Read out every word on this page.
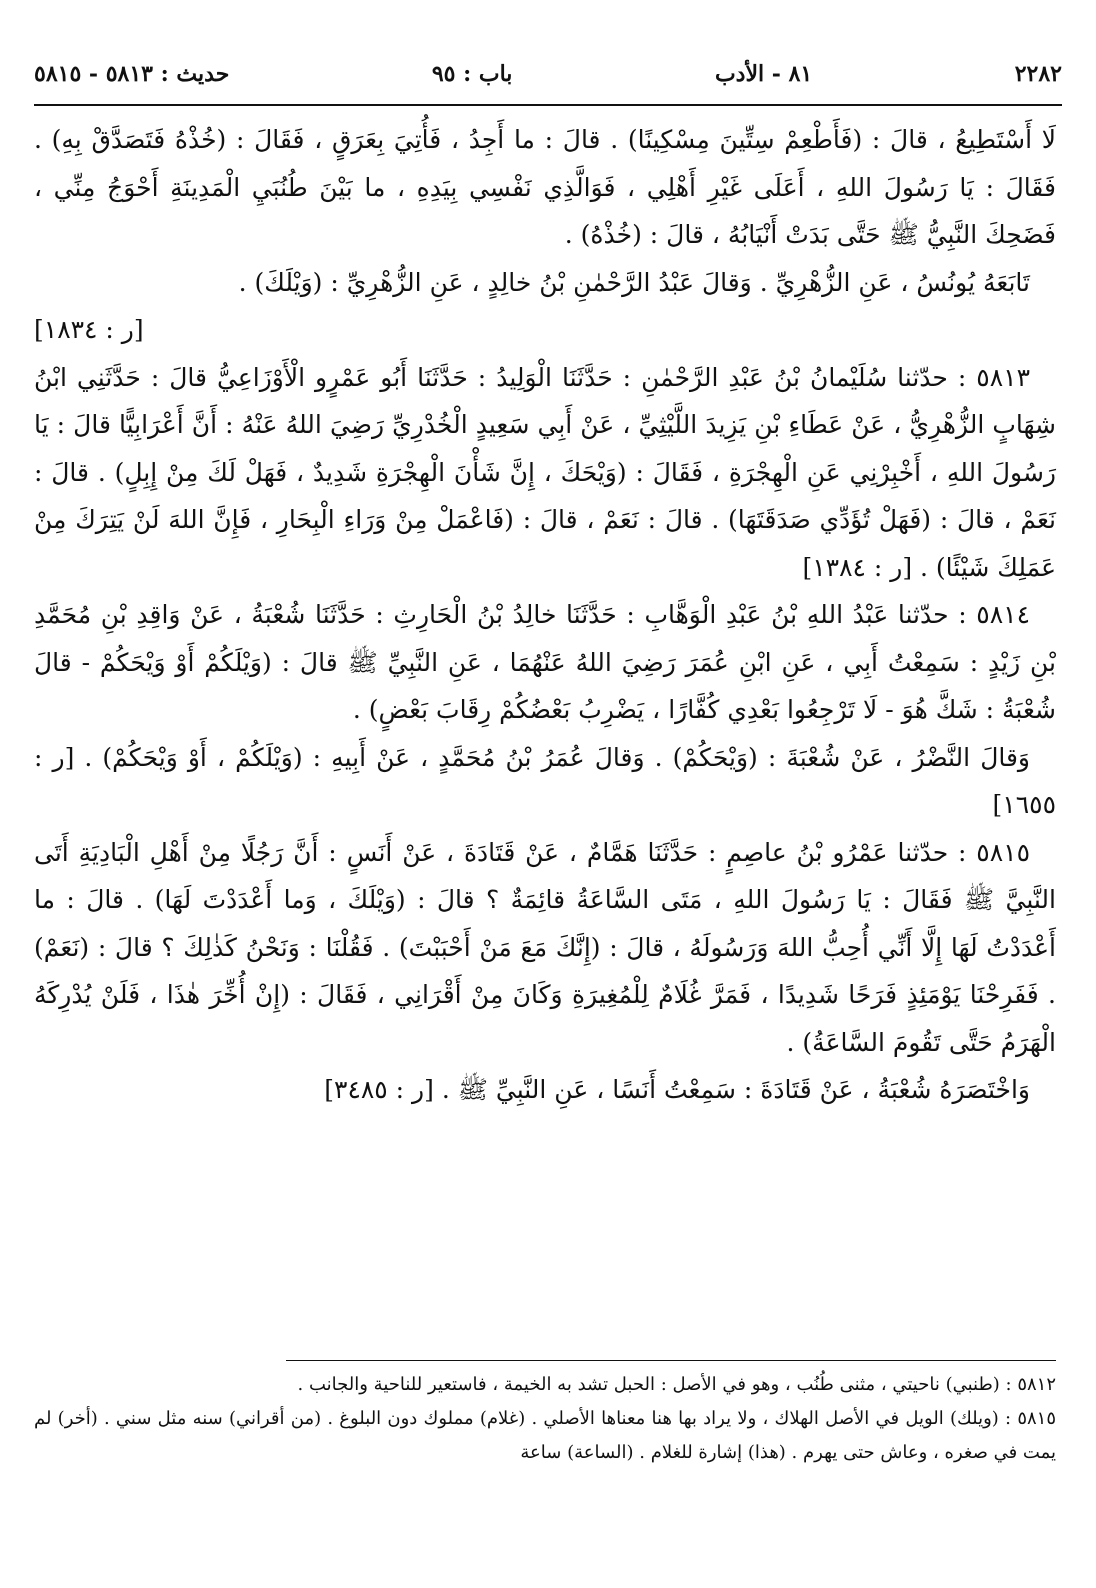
٢٢٨٢
٨١ - الأدب
باب : ٩٥
حديث : ٥٨١٣ - ٥٨١٥

لَا أَسْتَطِيعُ ، قالَ : (فَأَطْعِمْ سِتِّينَ مِسْكِينًا) . قالَ : ما أَجِدُ ، فَأُتِيَ بِعَرَقٍ ، فَقَالَ : (خُذْهُ فَتَصَدَّقْ بِهِ) . فَقَالَ : يَا رَسُولَ اللهِ ، أَعَلَى غَيْرِ أَهْلِي ، فَوَالَّذِي نَفْسِي بِيَدِهِ ، ما بَيْنَ طُنُبَيِ الْمَدِينَةِ أَحْوَجُ مِنِّي ، فَضَحِكَ النَّبِيُّ ﷺ حَتَّى بَدَتْ أَنْيَابُهُ ، قالَ : (خُذْهُ) .

تَابَعَهُ يُونُسُ ، عَنِ الزُّهْرِيِّ . وَقالَ عَبْدُ الرَّحْمٰنِ بْنُ خالِدٍ ، عَنِ الزُّهْرِيِّ : (وَيْلَكَ) .
[ر : ١٨٣٤]

٥٨١٣ : حدّثنا سُلَيْمانُ بْنُ عَبْدِ الرَّحْمٰنِ : حَدَّثَنَا الْوَلِيدُ : حَدَّثَنَا أَبُو عَمْرٍو الْأَوْزَاعِيُّ قالَ : حَدَّثَنِي ابْنُ شِهَابٍ الزُّهْرِيُّ ، عَنْ عَطَاءِ بْنِ يَزِيدَ اللَّيْثِيِّ ، عَنْ أَبِي سَعِيدٍ الْخُدْرِيِّ رَضِيَ اللهُ عَنْهُ : أَنَّ أَعْرَابِيًّا قالَ : يَا رَسُولَ اللهِ ، أَخْبِرْنِي عَنِ الْهِجْرَةِ ، فَقَالَ : (وَيْحَكَ ، إِنَّ شَأْنَ الْهِجْرَةِ شَدِيدٌ ، فَهَلْ لَكَ مِنْ إِبِلٍ) . قالَ : نَعَمْ ، قالَ : (فَهَلْ تُؤَدِّي صَدَقَتَهَا) . قالَ : نَعَمْ ، قالَ : (فَاعْمَلْ مِنْ وَرَاءِ الْبِحَارِ ، فَإِنَّ اللهَ لَنْ يَتِرَكَ مِنْ عَمَلِكَ شَيْئًا) . [ر : ١٣٨٤]

٥٨١٤ : حدّثنا عَبْدُ اللهِ بْنُ عَبْدِ الْوَهَّابِ : حَدَّثَنَا خالِدُ بْنُ الْحَارِثِ : حَدَّثَنَا شُعْبَةُ ، عَنْ وَاقِدِ بْنِ مُحَمَّدِ بْنِ زَيْدٍ : سَمِعْتُ أَبِي ، عَنِ ابْنِ عُمَرَ رَضِيَ اللهُ عَنْهُمَا ، عَنِ النَّبِيِّ ﷺ قالَ : (وَيْلَكُمْ أَوْ وَيْحَكُمْ - قالَ شُعْبَةُ : شَكَّ هُوَ - لَا تَرْجِعُوا بَعْدِي كُفَّارًا ، يَضْرِبُ بَعْضُكُمْ رِقَابَ بَعْضٍ) .

وَقالَ النَّضْرُ ، عَنْ شُعْبَةَ : (وَيْحَكُمْ) . وَقالَ عُمَرُ بْنُ مُحَمَّدٍ ، عَنْ أَبِيهِ : (وَيْلَكُمْ ، أَوْ وَيْحَكُمْ) . [ر : ١٦٥٥]

٥٨١٥ : حدّثنا عَمْرُو بْنُ عاصِمٍ : حَدَّثَنَا هَمَّامٌ ، عَنْ قَتَادَةَ ، عَنْ أَنَسٍ : أَنَّ رَجُلًا مِنْ أَهْلِ الْبَادِيَةِ أَتَى النَّبِيَّ ﷺ فَقَالَ : يَا رَسُولَ اللهِ ، مَتَى السَّاعَةُ قائِمَةٌ ؟ قالَ : (وَيْلَكَ ، وَما أَعْدَدْتَ لَهَا) . قالَ : ما أَعْدَدْتُ لَهَا إِلَّا أَنِّي أُحِبُّ اللهَ وَرَسُولَهُ ، قالَ : (إِنَّكَ مَعَ مَنْ أَحْبَبْتَ) . فَقُلْنَا : وَنَحْنُ كَذٰلِكَ ؟ قالَ : (نَعَمْ) . فَفَرِحْنَا يَوْمَئِذٍ فَرَحًا شَدِيدًا ، فَمَرَّ غُلَامٌ لِلْمُغِيرَةِ وَكَانَ مِنْ أَقْرَانِي ، فَقَالَ : (إِنْ أُخِّرَ هٰذَا ، فَلَنْ يُدْرِكَهُ الْهَرَمُ حَتَّى تَقُومَ السَّاعَةُ) .

وَاخْتَصَرَهُ شُعْبَةُ ، عَنْ قَتَادَةَ : سَمِعْتُ أَنَسًا ، عَنِ النَّبِيِّ ﷺ . [ر : ٣٤٨٥]

٥٨١٢ : (طنبي) ناحيتي ، مثنى طُنُب ، وهو في الأصل : الحبل تشد به الخيمة ، فاستعير للناحية والجانب .

٥٨١٥ : (ويلك) الويل في الأصل الهلاك ، ولا يراد بها هنا معناها الأصلي . (غلام) مملوك دون البلوغ . (من أقراني) سنه مثل سني . (أخر) لم يمت في صغره ، وعاش حتى يهرم . (هذا) إشارة للغلام . (الساعة) ساعة
